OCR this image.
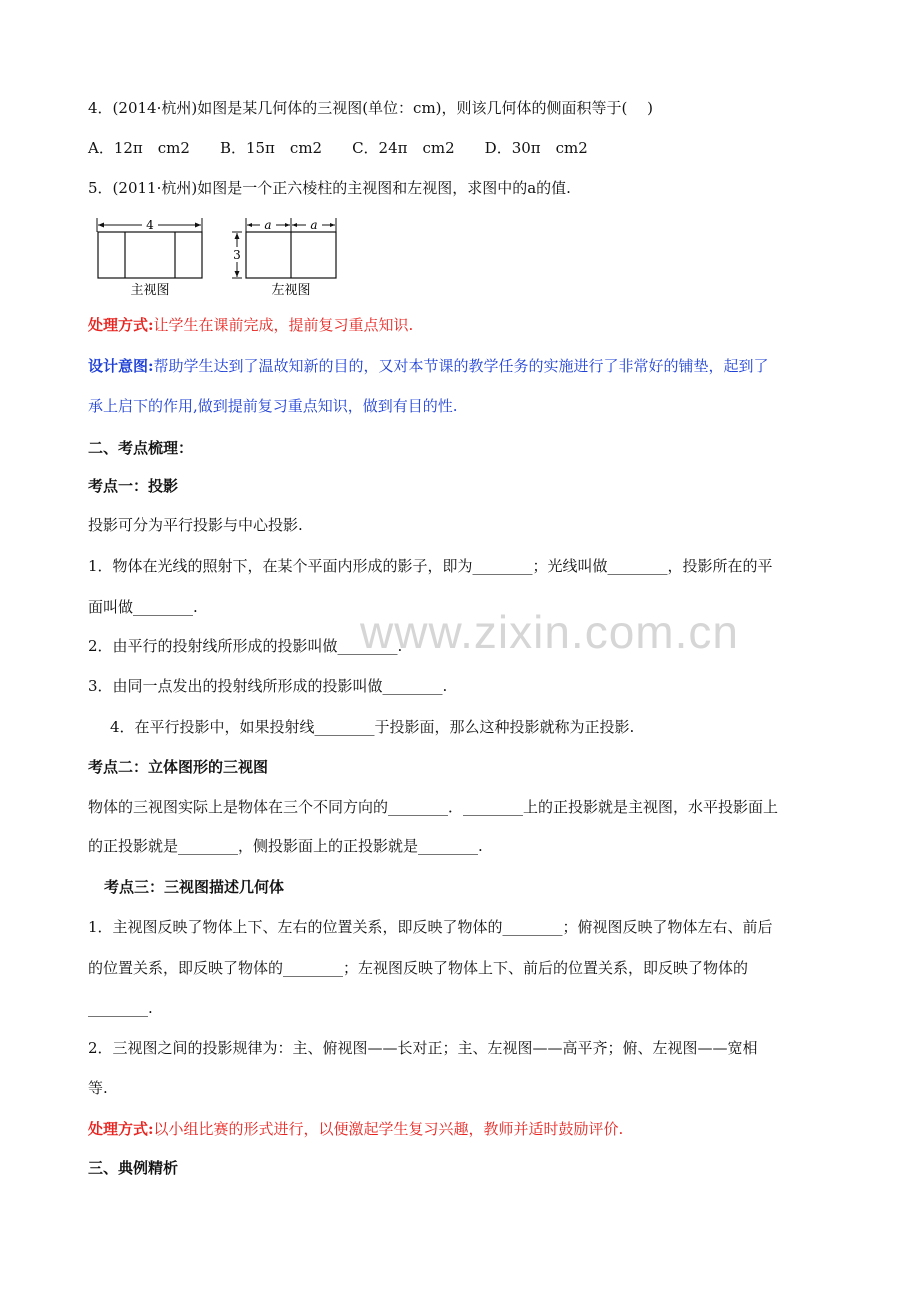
4．(2014·杭州)如图是某几何体的三视图(单位：cm)，则该几何体的侧面积等于(　 )
A．12π　cm2　　B．15π　cm2　　C．24π　cm2　　D．30π　cm2
5．(2011·杭州)如图是一个正六棱柱的主视图和左视图，求图中的a的值.
4
主视图
a	a
3
左视图
处理方式:让学生在课前完成，提前复习重点知识.
设计意图:帮助学生达到了温故知新的目的，又对本节课的教学任务的实施进行了非常好的铺垫，起到了
承上启下的作用,做到提前复习重点知识，做到有目的性.
二、考点梳理：
考点一：投影
投影可分为平行投影与中心投影.
1．物体在光线的照射下，在某个平面内形成的影子，即为________；光线叫做________，投影所在的平
面叫做________.
2．由平行的投射线所形成的投影叫做________.
3．由同一点发出的投射线所形成的投影叫做________.
4．在平行投影中，如果投射线________于投影面，那么这种投影就称为正投影.
考点二：立体图形的三视图
物体的三视图实际上是物体在三个不同方向的________．________上的正投影就是主视图，水平投影面上
的正投影就是________，侧投影面上的正投影就是________.
考点三：三视图描述几何体
1．主视图反映了物体上下、左右的位置关系，即反映了物体的________；俯视图反映了物体左右、前后
的位置关系，即反映了物体的________；左视图反映了物体上下、前后的位置关系，即反映了物体的
________.
2．三视图之间的投影规律为：主、俯视图——长对正；主、左视图——高平齐；俯、左视图——宽相
等.
处理方式:以小组比赛的形式进行，以便激起学生复习兴趣，教师并适时鼓励评价.
三、典例精析
www.zixin.com.cn
